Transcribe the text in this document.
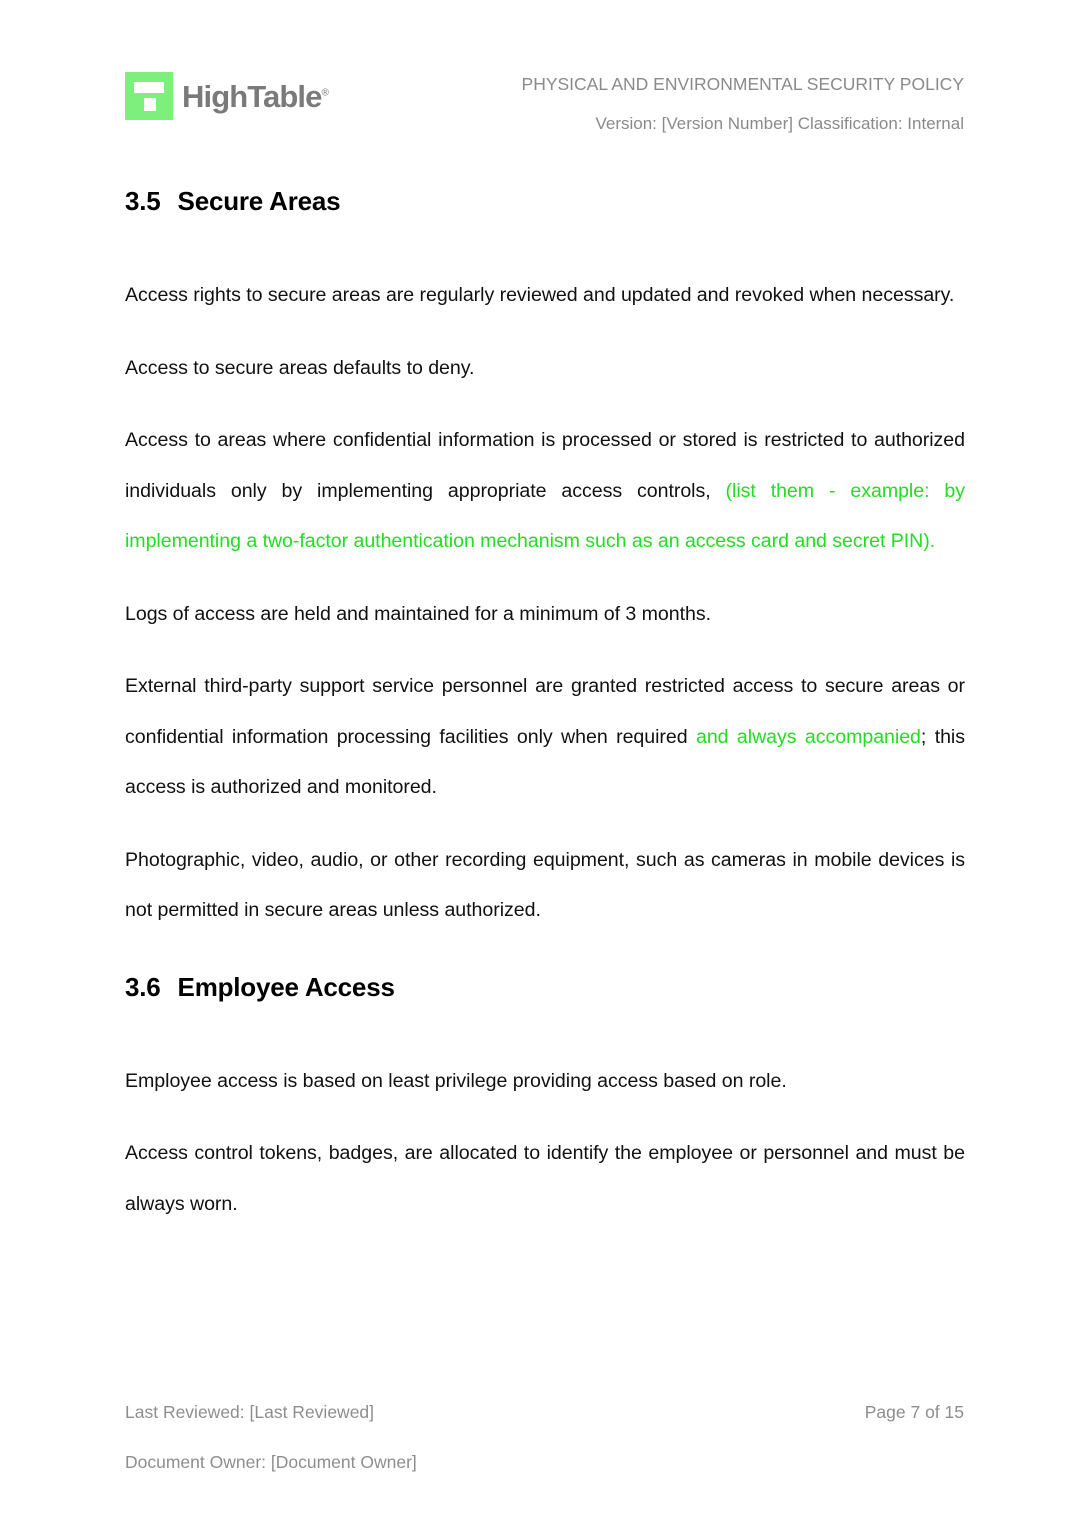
HighTable®	PHYSICAL AND ENVIRONMENTAL SECURITY POLICY
Version: [Version Number] Classification: Internal
3.5 Secure Areas

Access rights to secure areas are regularly reviewed and updated and revoked when necessary.

Access to secure areas defaults to deny.

Access to areas where confidential information is processed or stored is restricted to authorized individuals only by implementing appropriate access controls, (list them - example: by implementing a two-factor authentication mechanism such as an access card and secret PIN).

Logs of access are held and maintained for a minimum of 3 months.

External third-party support service personnel are granted restricted access to secure areas or confidential information processing facilities only when required and always accompanied; this access is authorized and monitored.

Photographic, video, audio, or other recording equipment, such as cameras in mobile devices is not permitted in secure areas unless authorized.

3.6 Employee Access

Employee access is based on least privilege providing access based on role.

Access control tokens, badges, are allocated to identify the employee or personnel and must be always worn.

Last Reviewed: [Last Reviewed]	Page 7 of 15
Document Owner: [Document Owner]
